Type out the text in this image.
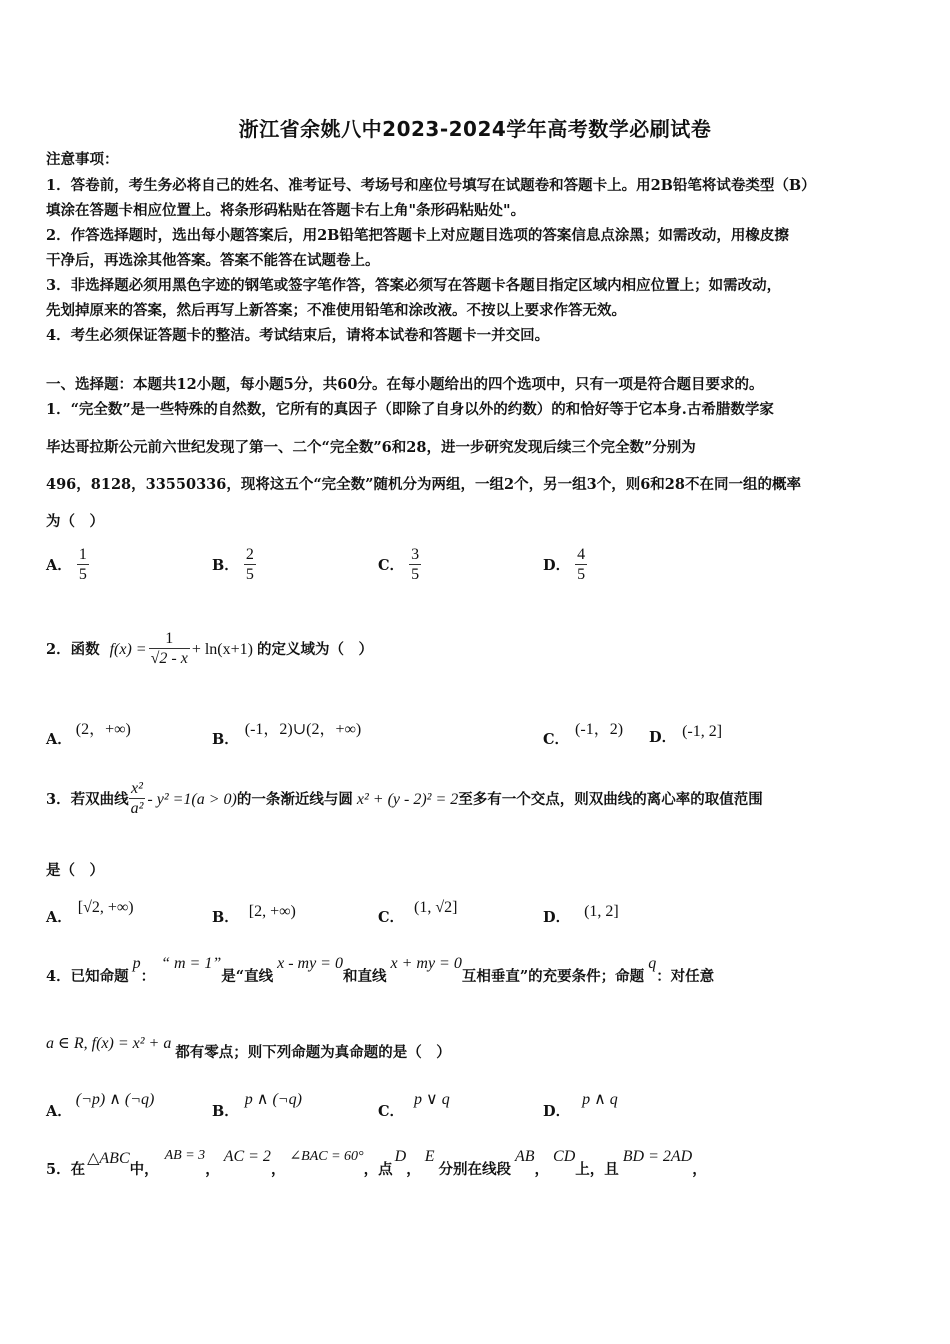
浙江省余姚八中2023-2024学年高考数学必刷试卷
注意事项：
1．答卷前，考生务必将自己的姓名、准考证号、考场号和座位号填写在试题卷和答题卡上。用2B铅笔将试卷类型（B）
填涂在答题卡相应位置上。将条形码粘贴在答题卡右上角"条形码粘贴处"。
2．作答选择题时，选出每小题答案后，用2B铅笔把答题卡上对应题目选项的答案信息点涂黑；如需改动，用橡皮擦
干净后，再选涂其他答案。答案不能答在试题卷上。
3．非选择题必须用黑色字迹的钢笔或签字笔作答，答案必须写在答题卡各题目指定区域内相应位置上；如需改动，
先划掉原来的答案，然后再写上新答案；不准使用铅笔和涂改液。不按以上要求作答无效。
4．考生必须保证答题卡的整洁。考试结束后，请将本试卷和答题卡一并交回。
一、选择题：本题共12小题，每小题5分，共60分。在每小题给出的四个选项中，只有一项是符合题目要求的。
1．“完全数”是一些特殊的自然数，它所有的真因子（即除了自身以外的约数）的和恰好等于它本身.古希腊数学家
毕达哥拉斯公元前六世纪发现了第一、二个“完全数”6和28，进一步研究发现后续三个完全数”分别为
496，8128，33550336，现将这五个“完全数”随机分为两组，一组2个，另一组3个，则6和28不在同一组的概率
为（　）
A． $\frac{1}{5}$	B． $\frac{2}{5}$	C． $\frac{3}{5}$	D． $\frac{4}{5}$
2．函数 $f(x) = \frac{1}{√2 - x} + \ln(x+1)$ 的定义域为（　）
A．(2，+∞)
B．(-1，2)∪(2，+∞)
C．(-1，2) D． (-1, 2]
3．若双曲线 $\frac{\text{x²}}{\text{a²}} - y^2 =1(a > 0)$ 的一条渐近线与圆 x² + (y - 2)² = 2 至多有一个交点，则双曲线的离心率的取值范围
是（　）
A．[√2, +∞)
B． [2, +∞)	C．(1, √2]
D． (1, 2]
4．已知命题
p
：
“ m = 1”
是“直线
x - my = 0
和直线
x + my = 0
互相垂直”的充要条件；命题
q
：对任意
a ∈ R, f(x) = x² + a
都有零点；则下列命题为真命题的是（　）
A．(¬p) ∧ (¬q)
B．p ∧ (¬q)
C．p ∨ q
D．p ∧ q
5．在
△ABC
中，
AB = 3
，
AC = 2
，
∠BAC = 60°
，点
D
，
E
分别在线段
AB
，
CD
上，且
BD = 2AD
，
